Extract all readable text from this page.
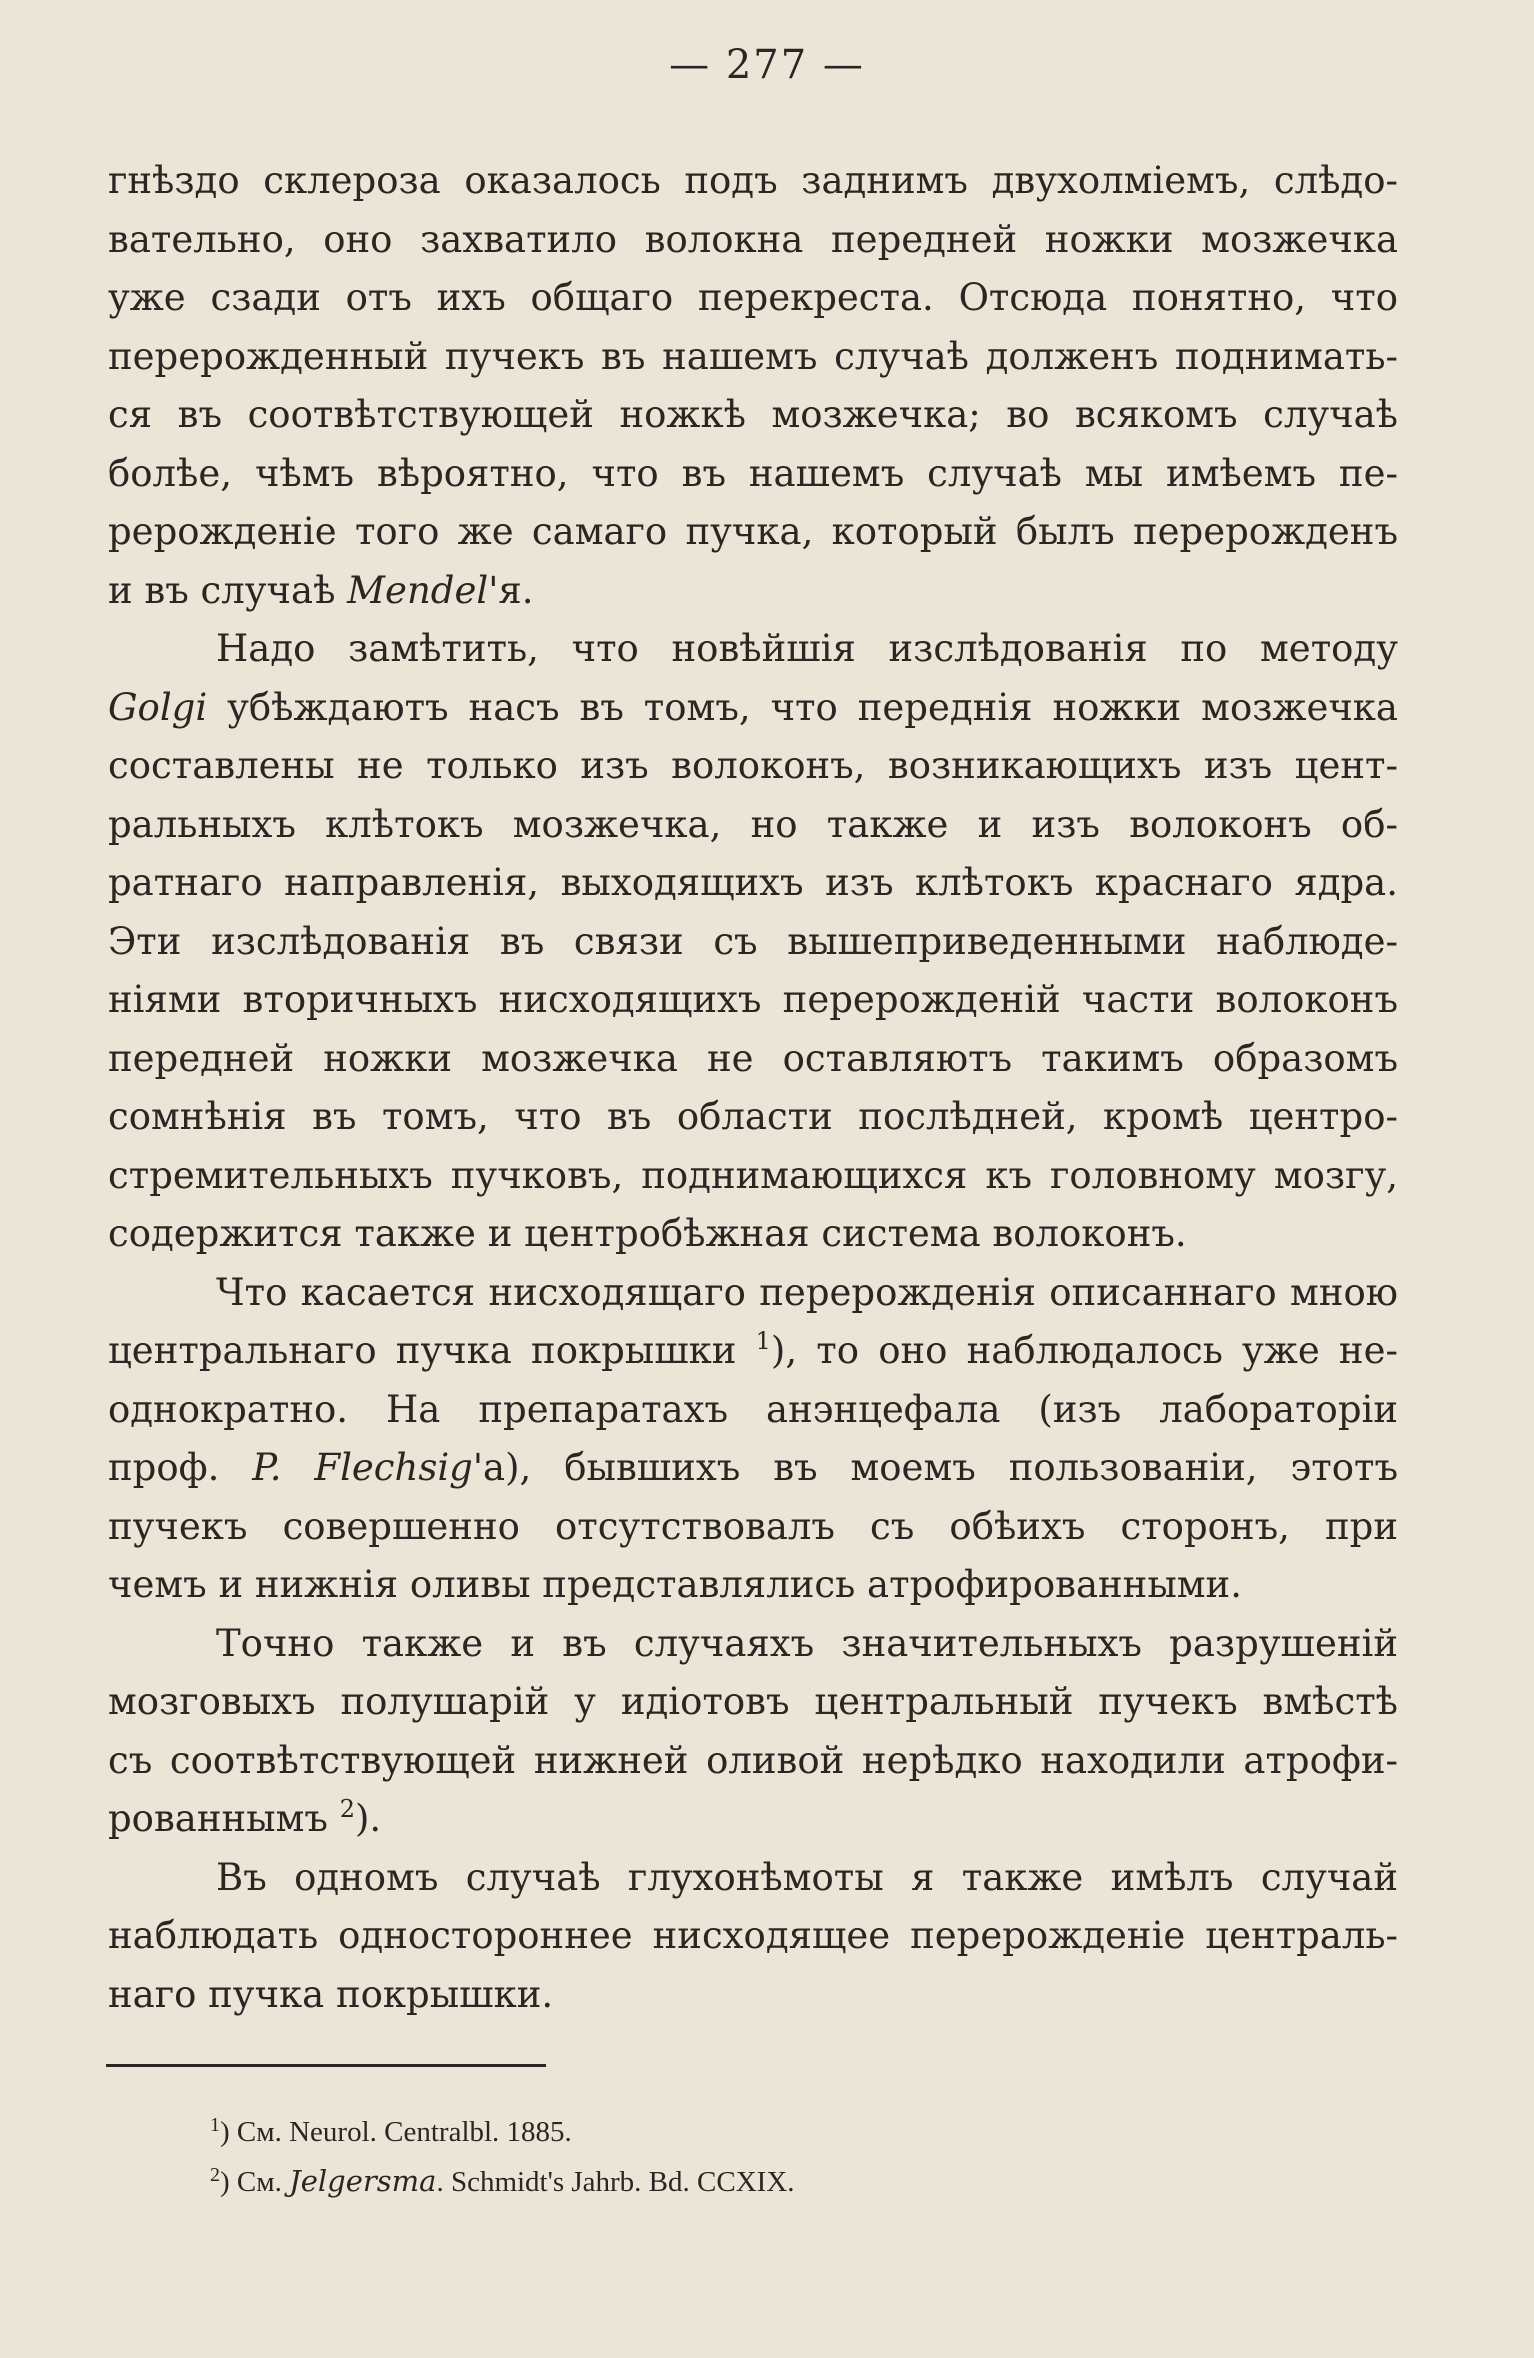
— 277 —

гнѣздо склероза оказалось подъ заднимъ двухолміемъ, слѣдо-
вательно, оно захватило волокна передней ножки мозжечка
уже сзади отъ ихъ общаго перекреста. Отсюда понятно, что
перерожденный пучекъ въ нашемъ случаѣ долженъ поднимать-
ся въ соотвѣтствующей ножкѣ мозжечка; во всякомъ случаѣ
болѣе, чѣмъ вѣроятно, что въ нашемъ случаѣ мы имѣемъ пе-
рерожденіе того же самаго пучка, который былъ перерожденъ
и въ случаѣ Mendel'я.

Надо замѣтить, что новѣйшія изслѣдованія по методу
Golgi убѣждаютъ насъ въ томъ, что переднія ножки мозжечка
составлены не только изъ волоконъ, возникающихъ изъ цент-
ральныхъ клѣтокъ мозжечка, но также и изъ волоконъ об-
ратнаго направленія, выходящихъ изъ клѣтокъ краснаго ядра.
Эти изслѣдованія въ связи съ вышеприведенными наблюде-
ніями вторичныхъ нисходящихъ перерожденій части волоконъ
передней ножки мозжечка не оставляютъ такимъ образомъ
сомнѣнія въ томъ, что въ области послѣдней, кромѣ центро-
стремительныхъ пучковъ, поднимающихся къ головному мозгу,
содержится также и центробѣжная система волоконъ.

Что касается нисходящаго перерожденія описаннаго мною
центральнаго пучка покрышки $^1$), то оно наблюдалось уже не-
однократно. На препаратахъ анэнцефала (изъ лабораторіи
проф. P. Flechsig'а), бывшихъ въ моемъ пользованіи, этотъ
пучекъ совершенно отсутствовалъ съ обѣихъ сторонъ, при
чемъ и нижнія оливы представлялись атрофированными.

Точно также и въ случаяхъ значительныхъ разрушеній
мозговыхъ полушарій у идіотовъ центральный пучекъ вмѣстѣ
съ соотвѣтствующей нижней оливой нерѣдко находили атрофи-
рованнымъ $^2$).

Въ одномъ случаѣ глухонѣмоты я также имѣлъ случай
наблюдать одностороннее нисходящее перерожденіе централь-
наго пучка покрышки.

$^1$) См. Neurol. Centralbl. 1885.
$^2$) См. Jelgersma. Schmidt's Jahrb. Bd. CCXIX.
